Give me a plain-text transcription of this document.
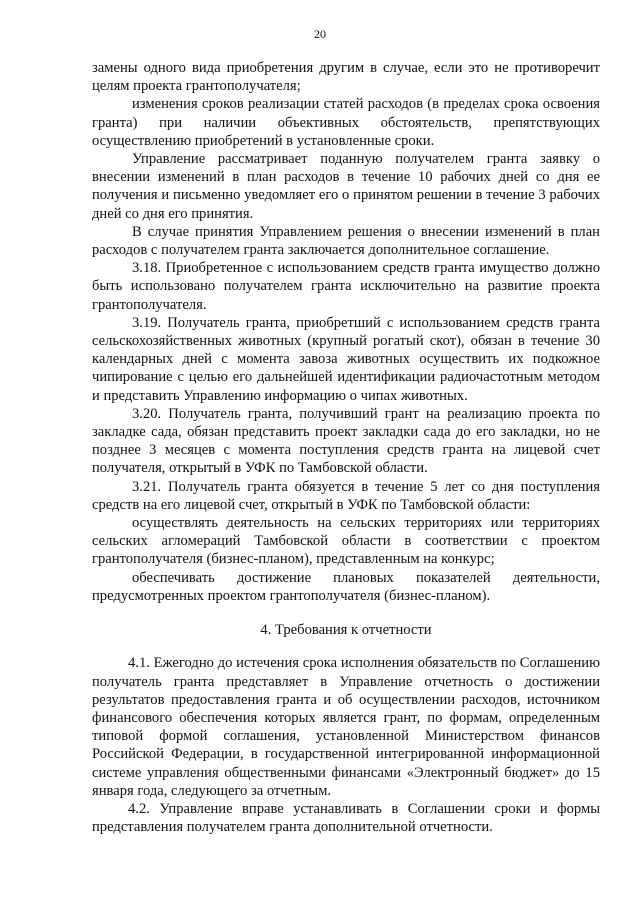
20

замены одного вида приобретения другим в случае, если это не противоречит целям проекта грантополучателя;

изменения сроков реализации статей расходов (в пределах срока освоения гранта) при наличии объективных обстоятельств, препятствующих осуществлению приобретений в установленные сроки.

Управление рассматривает поданную получателем гранта заявку о внесении изменений в план расходов в течение 10 рабочих дней со дня ее получения и письменно уведомляет его о принятом решении в течение 3 рабочих дней со дня его принятия.

В случае принятия Управлением решения о внесении изменений в план расходов с получателем гранта заключается дополнительное соглашение.

3.18. Приобретенное с использованием средств гранта имущество должно быть использовано получателем гранта исключительно на развитие проекта грантополучателя.

3.19. Получатель гранта, приобретший с использованием средств гранта сельскохозяйственных животных (крупный рогатый скот), обязан в течение 30 календарных дней с момента завоза животных осуществить их подкожное чипирование с целью его дальнейшей идентификации радиочастотным методом и представить Управлению информацию о чипах животных.

3.20. Получатель гранта, получивший грант на реализацию проекта по закладке сада, обязан представить проект закладки сада до его закладки, но не позднее 3 месяцев с момента поступления средств гранта на лицевой счет получателя, открытый в УФК по Тамбовской области.

3.21. Получатель гранта обязуется в течение 5 лет со дня поступления средств на его лицевой счет, открытый в УФК по Тамбовской области:

осуществлять деятельность на сельских территориях или территориях сельских агломераций Тамбовской области в соответствии с проектом грантополучателя (бизнес-планом), представленным на конкурс;

обеспечивать достижение плановых показателей деятельности, предусмотренных проектом грантополучателя (бизнес-планом).

4. Требования к отчетности

4.1. Ежегодно до истечения срока исполнения обязательств по Соглашению получатель гранта представляет в Управление отчетность о достижении результатов предоставления гранта и об осуществлении расходов, источником финансового обеспечения которых является грант, по формам, определенным типовой формой соглашения, установленной Министерством финансов Российской Федерации, в государственной интегрированной информационной системе управления общественными финансами «Электронный бюджет» до 15 января года, следующего за отчетным.

4.2. Управление вправе устанавливать в Соглашении сроки и формы представления получателем гранта дополнительной отчетности.
